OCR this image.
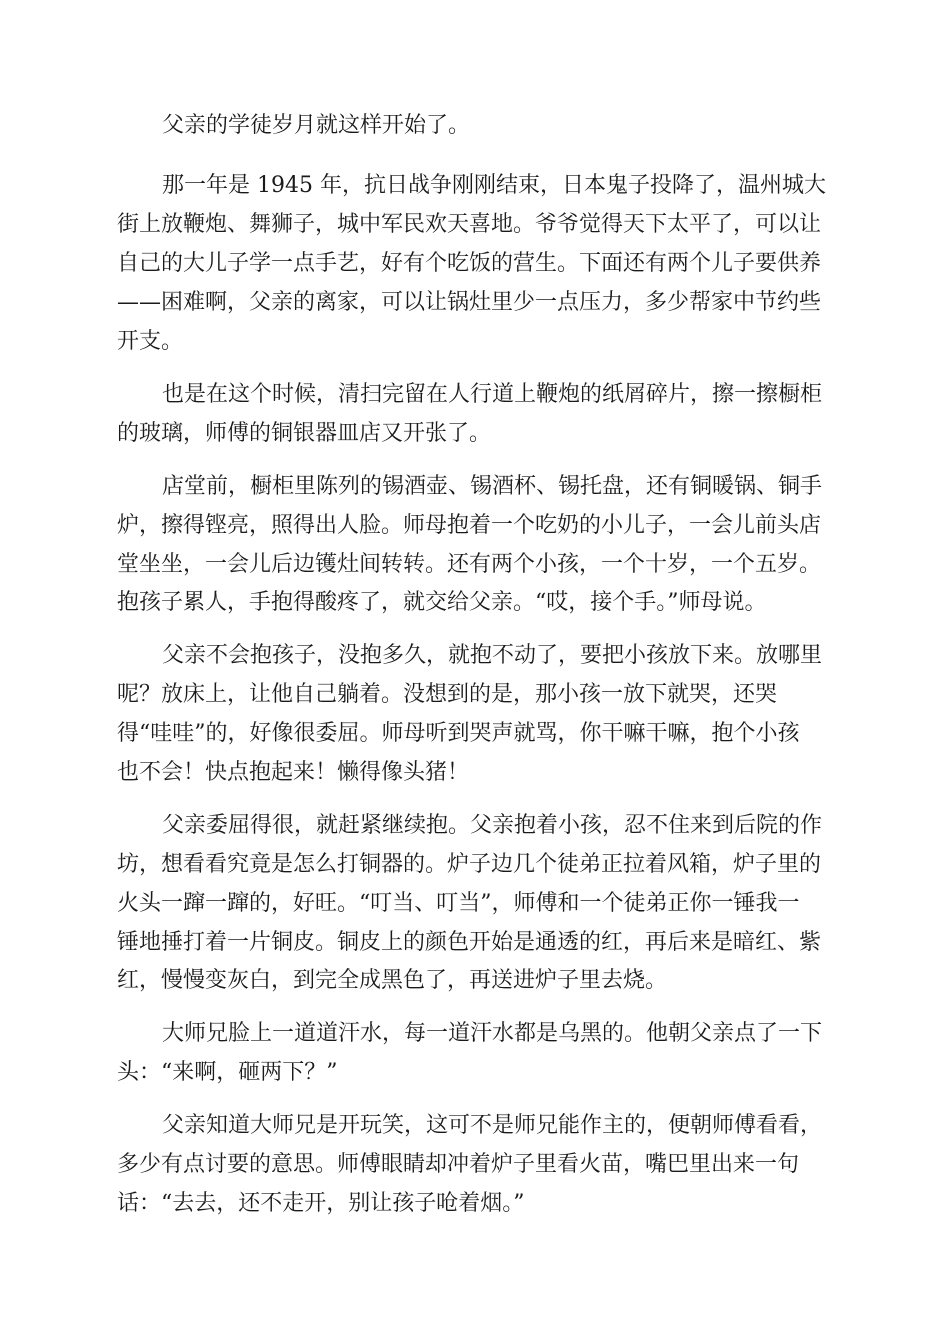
父亲的学徒岁月就这样开始了。

那一年是 1945 年，抗日战争刚刚结束，日本鬼子投降了，温州城大

街上放鞭炮、舞狮子，城中军民欢天喜地。爷爷觉得天下太平了，可以让

自己的大儿子学一点手艺，好有个吃饭的营生。下面还有两个儿子要供养

——困难啊，父亲的离家，可以让锅灶里少一点压力，多少帮家中节约些

开支。

也是在这个时候，清扫完留在人行道上鞭炮的纸屑碎片，擦一擦橱柜

的玻璃，师傅的铜银器皿店又开张了。

店堂前，橱柜里陈列的锡酒壶、锡酒杯、锡托盘，还有铜暖锅、铜手

炉，擦得铿亮，照得出人脸。师母抱着一个吃奶的小儿子，一会儿前头店

堂坐坐，一会儿后边镬灶间转转。还有两个小孩，一个十岁，一个五岁。

抱孩子累人，手抱得酸疼了，就交给父亲。“哎，接个手。”师母说。

父亲不会抱孩子，没抱多久，就抱不动了，要把小孩放下来。放哪里

呢？放床上，让他自己躺着。没想到的是，那小孩一放下就哭，还哭

得“哇哇”的，好像很委屈。师母听到哭声就骂，你干嘛干嘛，抱个小孩

也不会！快点抱起来！懒得像头猪！

父亲委屈得很，就赶紧继续抱。父亲抱着小孩，忍不住来到后院的作

坊，想看看究竟是怎么打铜器的。炉子边几个徒弟正拉着风箱，炉子里的

火头一蹿一蹿的，好旺。“叮当、叮当”，师傅和一个徒弟正你一锤我一

锤地捶打着一片铜皮。铜皮上的颜色开始是通透的红，再后来是暗红、紫

红，慢慢变灰白，到完全成黑色了，再送进炉子里去烧。

大师兄脸上一道道汗水，每一道汗水都是乌黑的。他朝父亲点了一下

头：“来啊，砸两下？”

父亲知道大师兄是开玩笑，这可不是师兄能作主的，便朝师傅看看，

多少有点讨要的意思。师傅眼睛却冲着炉子里看火苗，嘴巴里出来一句

话：“去去，还不走开，别让孩子呛着烟。”
